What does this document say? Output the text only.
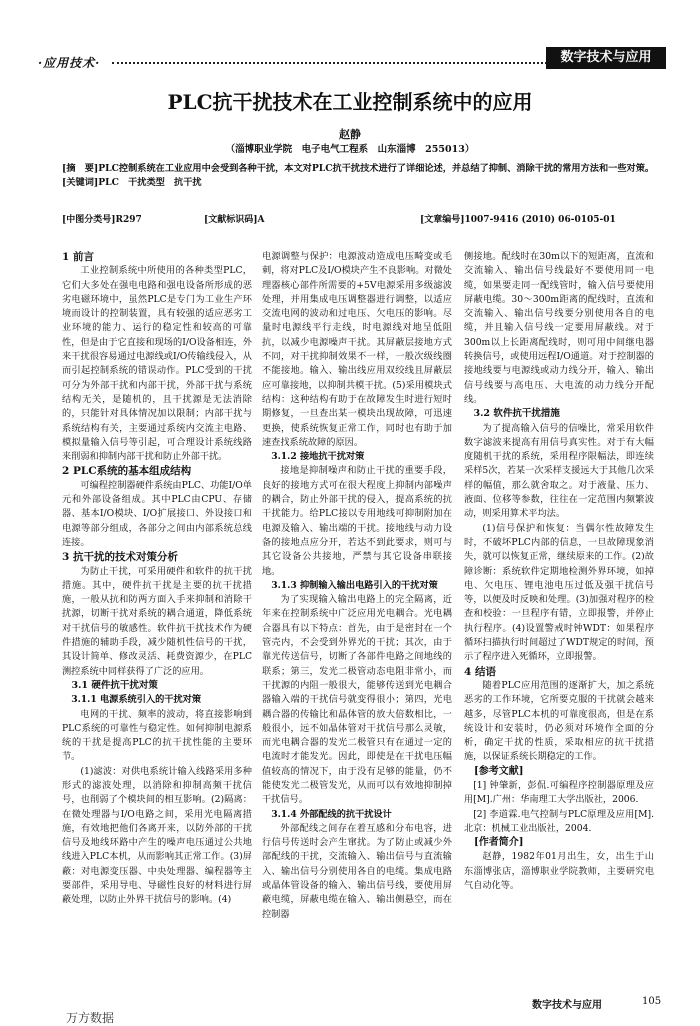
·应用技术·	数字技术与应用
PLC抗干扰技术在工业控制系统中的应用
赵静
（淄博职业学院　电子电气工程系　山东淄博　255013）

[摘　要]PLC控制系统在工业应用中会受到各种干扰，本文对PLC抗干扰技术进行了详细论述，并总结了抑制、消除干扰的常用方法和一些对策。

[关键词]PLC　干扰类型　抗干扰

[中图分类号]R297	[文献标识码]A	[文章编号]1007-9416 (2010) 06-0105-01
1 前言

工业控制系统中所使用的各种类型PLC，它们大多处在强电电路和强电设备所形成的恶劣电磁环境中，虽然PLC是专门为工业生产环境而设计的控制装置，具有较强的适应恶劣工业环境的能力、运行的稳定性和较高的可靠性，但是由于它直接和现场的I/O设备相连，外来干扰很容易通过电源线或I/O传输线侵入，从而引起控制系统的错误动作。PLC受到的干扰可分为外部干扰和内部干扰，外部干扰与系统结构无关，是随机的，且干扰源是无法消除的，只能针对具体情况加以限制；内部干扰与系统结构有关，主要通过系统内交流主电路、模拟量输入信号等引起，可合理设计系统线路来削弱和抑制内部干扰和防止外部干扰。

2 PLC系统的基本组成结构

可编程控制器硬件系统由PLC、功能I/O单元和外部设备组成。其中PLC由CPU、存储器、基本I/O模块、I/O扩展接口、外设接口和电源等部分组成，各部分之间由内部系统总线连接。

3 抗干扰的技术对策分析

为防止干扰，可采用硬件和软件的抗干扰措施。其中，硬件抗干扰是主要的抗干扰措施，一般从抗和防两方面入手来抑制和消除干扰源，切断干扰对系统的耦合通道，降低系统对干扰信号的敏感性。软件抗干扰技术作为硬件措施的辅助手段，减少随机性信号的干扰，其设计简单、修改灵活、耗费资源少，在PLC测控系统中同样获得了广泛的应用。

3.1 硬件抗干扰对策
3.1.1 电源系统引入的干扰对策

电网的干扰、频率的波动，将直接影响到PLC系统的可靠性与稳定性。如何抑制电源系统的干扰是提高PLC的抗干扰性能的主要环节。

(1)滤波：对供电系统计输入线路采用多种形式的滤波处理，以消除和抑制高频干扰信号，也削弱了个模块间的相互影响。(2)隔离：在微处理器与I/O电路之间，采用光电隔离措施，有效地把他们各离开来，以防外部的干扰信号及地线环路中产生的噪声电压通过公共地线进入PLC本机，从而影响其正常工作。(3)屏蔽：对电源变压器、中央处理器、编程器等主要部件，采用导电、导磁性良好的材料进行屏蔽处理，以防止外界干扰信号的影响。(4)

电源调整与保护：电源波动造成电压畸变或毛刺，将对PLC及I/O模块产生不良影响。对微处理器核心部件所需要的+5V电源采用多级滤波处理，并用集成电压调整器进行调整，以适应交流电网的波动和过电压、欠电压的影响。尽量时电源线平行走线，时电源线对地呈低阻抗，以减少电源噪声干扰。其屏蔽层接地方式不同，对干扰抑制效果不一样，一般次级线圈不能接地。输入、输出线应用双绞线且屏蔽层应可靠接地，以抑制共模干扰。(5)采用模块式结构：这种结构有助于在故障发生时进行短时期修复，一旦查出某一模块出现故障，可迅速更换，使系统恢复正常工作，同时也有助于加速查找系统故障的原因。

3.1.2 接地抗干扰对策

接地是抑制噪声和防止干扰的重要手段，良好的接地方式可在很大程度上抑制内部噪声的耦合，防止外部干扰的侵入，提高系统的抗干扰能力。给PLC接以专用地线可抑制附加在电源及输入、输出端的干扰。接地线与动力设备的接地点应分开，若达不到此要求，则可与其它设备公共接地，严禁与其它设备串联接地。

3.1.3 抑制输入输出电路引入的干扰对策

为了实现输入输出电路上的完全隔离，近年来在控制系统中广泛应用光电耦合。光电耦合器具有以下特点：首先，由于是密封在一个管壳内，不会受到外界光的干扰；其次，由于靠光传送信号，切断了各部件电路之间地线的联系；第三，发光二极管动态电阻非常小，而干扰源的内阻一般很大，能够传送到光电耦合器输入端的干扰信号就变得很小；第四，光电耦合器的传输比和晶体管的放大倍数相比，一般很小，远不如晶体管对干扰信号那么灵敏，而光电耦合器的发光二极管只有在通过一定的电流时才能发光。因此，即使是在干扰电压幅值较高的情况下，由于没有足够的能量，仍不能使发光二极管发光，从而可以有效地抑制掉干扰信号。

3.1.4 外部配线的抗干扰设计

外部配线之间存在着互感和分布电容，进行信号传送时会产生窜扰。为了防止或减少外部配线的干扰，交流输入、输出信号与直流输入、输出信号分别使用各自的电缆。集成电路或晶体管设备的输入、输出信号线，要使用屏蔽电缆，屏蔽电缆在输入、输出侧悬空，而在控制器

侧接地。配线时在30m以下的短距离，直流和交流输入、输出信号线最好不要使用同一电缆，如果要走同一配线管时，输入信号要使用屏蔽电缆。30～300m距离的配线时，直流和交流输入、输出信号线要分别使用各自的电缆，并且输入信号线一定要用屏蔽线。对于300m以上长距离配线时，则可用中间继电器转换信号，或使用远程I/O通道。对于控制器的接地线要与电源线或动力线分开，输入、输出信号线要与高电压、大电流的动力线分开配线。

3.2 软件抗干扰措施

为了提高输入信号的信噪比，常采用软件数字滤波来提高有用信号真实性。对于有大幅度随机干扰的系统，采用程序限幅法，即连续采样5次，若某一次采样支援远大于其他几次采样的幅值，那么就舍取之。对于液量、压力、液面、位移等参数，往往在一定范围内频繁波动，则采用算术平均法。

(1)信号保护和恢复：当偶尔性故障发生时，不破坏PLC内部的信息，一旦故障现象消失，就可以恢复正常，继续原来的工作。(2)故障诊断：系统软件定期地检测外界环境，如掉电、欠电压、锂电池电压过低及强干扰信号等，以便及时反映和处理。(3)加强对程序的检查和校验：一旦程序有错，立即报警，并停止执行程序。(4)设置警戒时钟WDT：如果程序循环扫描执行时间超过了WDT规定的时间，预示了程序进入死循环，立即报警。

4 结语

随着PLC应用范围的逐渐扩大，加之系统恶劣的工作环境，它所要克服的干扰就会越来越多，尽管PLC本机的可靠度很高，但是在系统设计和安装时，仍必须对环境作全面的分析，确定干扰的性质，采取相应的抗干扰措施，以保证系统长期稳定的工作。

[参考文献]

[1] 钟肇新，彭侃.可编程序控制器原理及应用[M].广州：华南理工大学出版社，2006.

[2] 李道霖.电气控制与PLC原理及应用[M].北京：机械工业出版社，2004.

[作者简介]

赵静，1982年01月出生，女，出生于山东淄博张店，淄博职业学院教师，主要研究电气自动化等。

数字技术与应用	105
万方数据
